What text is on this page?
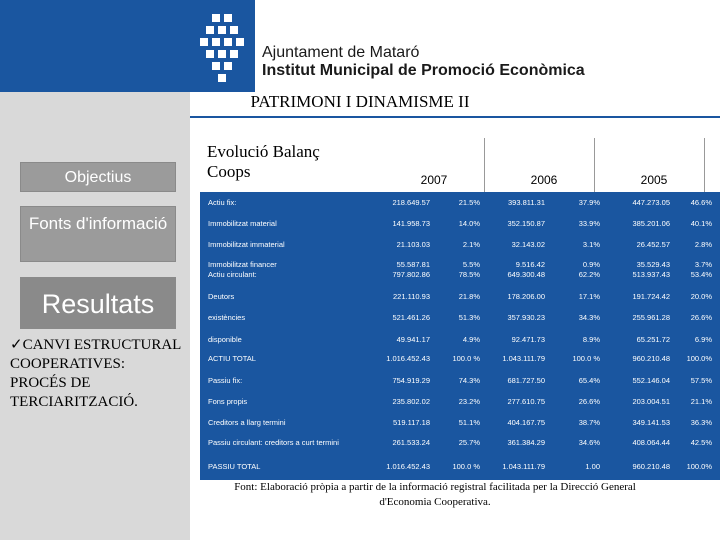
Ajuntament de Mataró
Institut Municipal de Promoció Econòmica
PATRIMONI I DINAMISME II
Objectius
Fonts d'informació
Resultats
✓CANVI ESTRUCTURAL COOPERATIVES: PROCÉS DE TERCIARITZACIÓ.
Evolució Balanç
Coops	2007	2006	2005
Actiu fix:	218.649.57	21.5%	393.811.31	37.9%	447.273.05	46.6%
Immobilitzat material	141.958.73	14.0%	352.150.87	33.9%	385.201.06	40.1%
Immobilitzat immaterial	21.103.03	2.1%	32.143.02	3.1%	26.452.57	2.8%
Immobilitzat financer	55.587.81	5.5%	9.516.42	0.9%	35.529.43	3.7%
Actiu circulant:	797.802.86	78.5%	649.300.48	62.2%	513.937.43	53.4%
Deutors	221.110.93	21.8%	178.206.00	17.1%	191.724.42	20.0%
existències	521.461.26	51.3%	357.930.23	34.3%	255.961.28	26.6%
disponible	49.941.17	4.9%	92.471.73	8.9%	65.251.72	6.9%
ACTIU TOTAL	1.016.452.43	100.0 %	1.043.111.79	100.0 %	960.210.48 100.0%
Passiu fix:	754.919.29	74.3%	681.727.50	65.4%	552.146.04	57.5%
Fons propis	235.802.02	23.2%	277.610.75	26.6%	203.004.51	21.1%
Creditors a llarg termini	519.117.18	51.1%	404.167.75	38.7%	349.141.53	36.3%
Passiu circulant: creditors a curt termini	261.533.24	25.7%	361.384.29	34.6%	408.064.44	42.5%
PASSIU TOTAL	1.016.452.43	100.0 %	1.043.111.79	1.00	960.210.48 100.0%
Font: Elaboració pròpia a partir de la informació registral facilitada per la Direcció General d'Economia Cooperativa.
